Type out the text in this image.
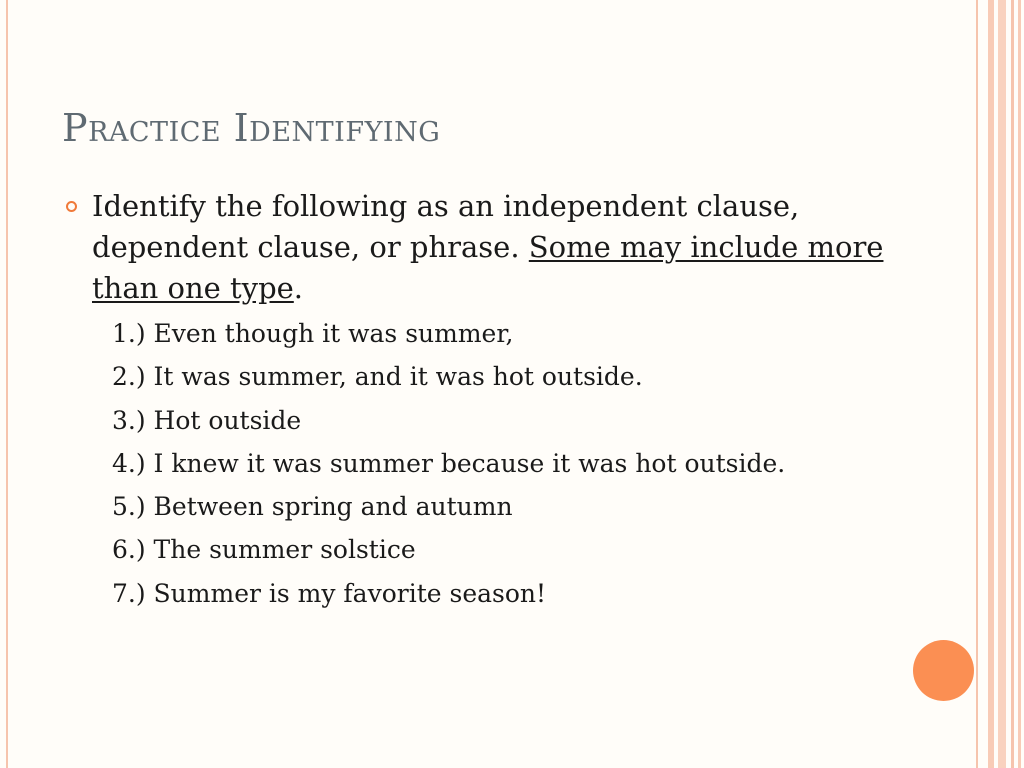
Practice Identifying

Identify the following as an independent clause, dependent clause, or phrase. Some may include more than one type.

1.) Even though it was summer,
2.) It was summer, and it was hot outside.
3.) Hot outside
4.) I knew it was summer because it was hot outside.
5.) Between spring and autumn
6.) The summer solstice
7.) Summer is my favorite season!
